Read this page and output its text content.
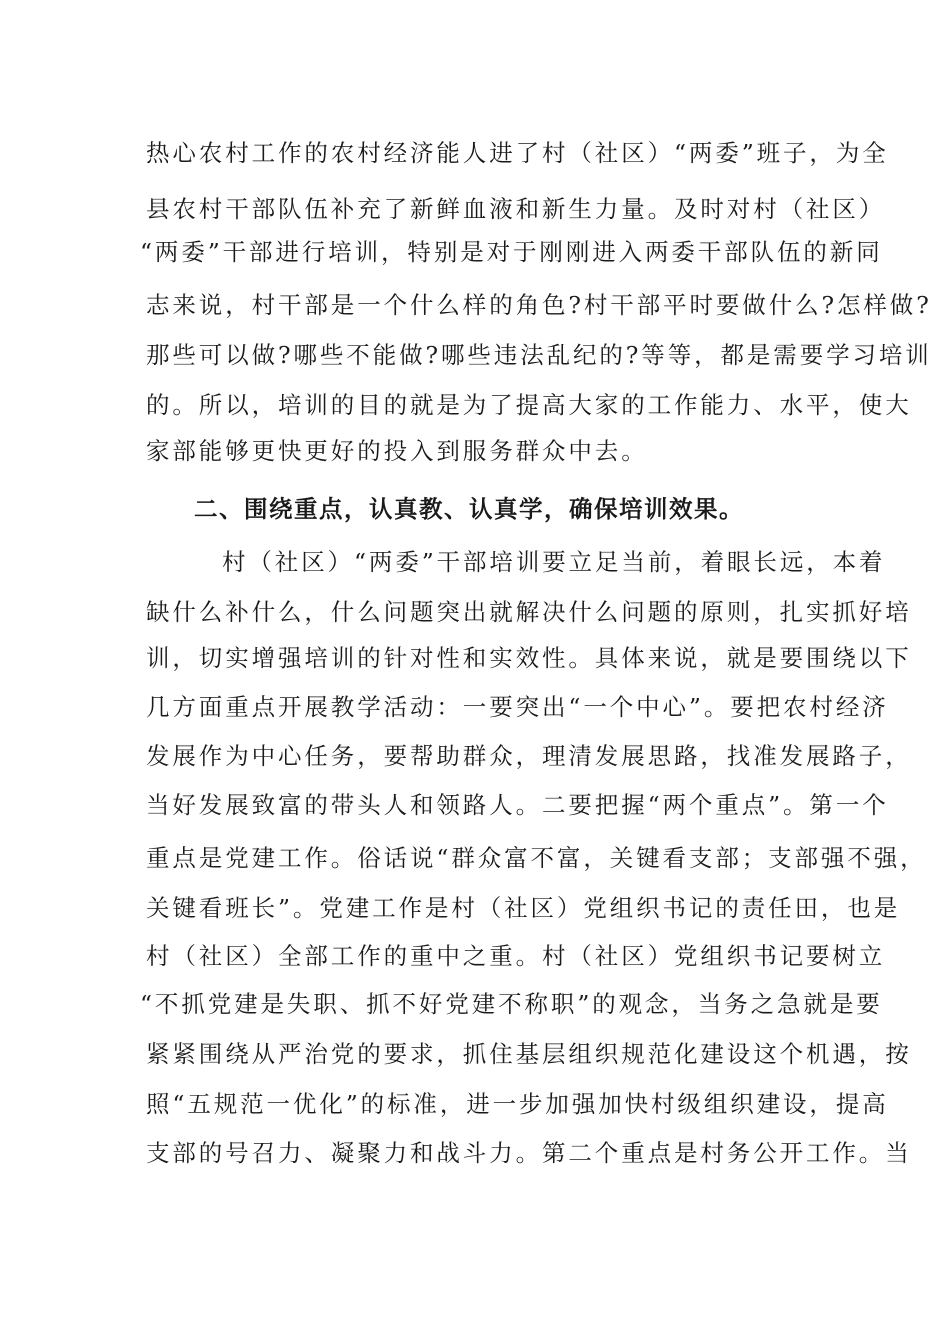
热心农村工作的农村经济能人进了村（社区）“两委”班子，为全
县农村干部队伍补充了新鲜血液和新生力量。及时对村（社区）
“两委”干部进行培训，特别是对于刚刚进入两委干部队伍的新同
志来说，村干部是一个什么样的角色?村干部平时要做什么?怎样做?
那些可以做?哪些不能做?哪些违法乱纪的?等等，都是需要学习培训
的。所以，培训的目的就是为了提高大家的工作能力、水平，使大
家部能够更快更好的投入到服务群众中去。
二、围绕重点，认真教、认真学，确保培训效果。
村（社区）“两委”干部培训要立足当前，着眼长远，本着
缺什么补什么，什么问题突出就解决什么问题的原则，扎实抓好培
训，切实增强培训的针对性和实效性。具体来说，就是要围绕以下
几方面重点开展教学活动：一要突出“一个中心”。要把农村经济
发展作为中心任务，要帮助群众，理清发展思路，找准发展路子，
当好发展致富的带头人和领路人。二要把握“两个重点”。第一个
重点是党建工作。俗话说“群众富不富，关键看支部；支部强不强，
关键看班长”。党建工作是村（社区）党组织书记的责任田，也是
村（社区）全部工作的重中之重。村（社区）党组织书记要树立
“不抓党建是失职、抓不好党建不称职”的观念，当务之急就是要
紧紧围绕从严治党的要求，抓住基层组织规范化建设这个机遇，按
照“五规范一优化”的标准，进一步加强加快村级组织建设，提高
支部的号召力、凝聚力和战斗力。第二个重点是村务公开工作。当
